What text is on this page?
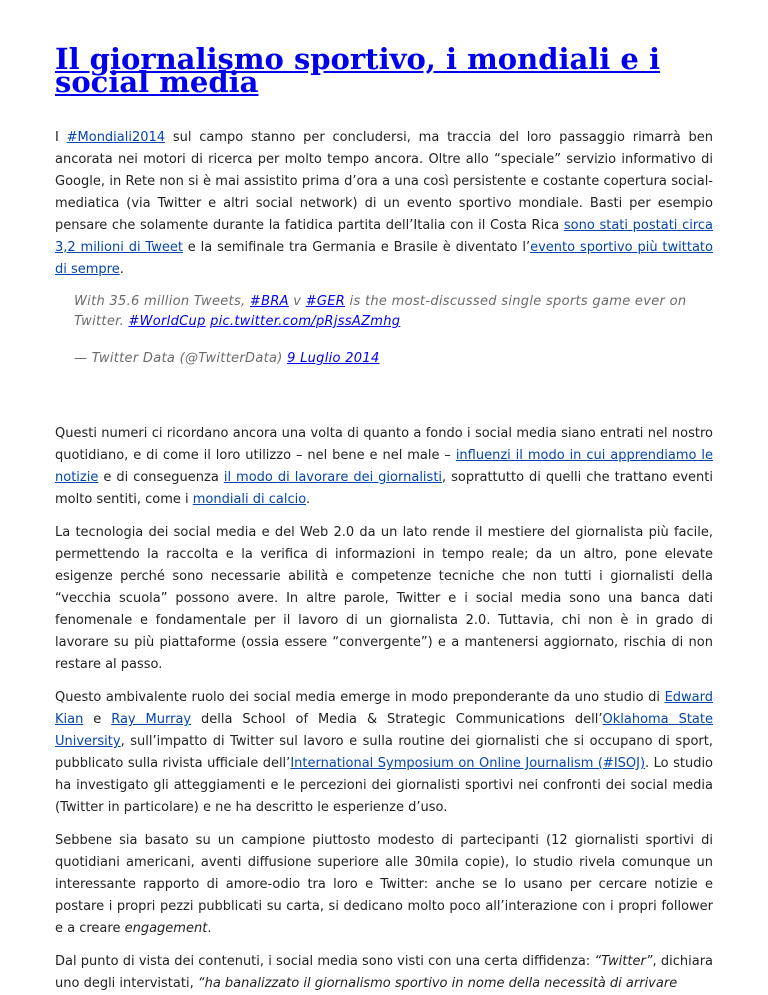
Il giornalismo sportivo, i mondiali e i social media

I #Mondiali2014 sul campo stanno per concludersi, ma traccia del loro passaggio rimarrà ben ancorata nei motori di ricerca per molto tempo ancora. Oltre allo “speciale” servizio informativo di Google, in Rete non si è mai assistito prima d’ora a una così persistente e costante copertura social-mediatica (via Twitter e altri social network) di un evento sportivo mondiale. Basti per esempio pensare che solamente durante la fatidica partita dell’Italia con il Costa Rica sono stati postati circa 3,2 milioni di Tweet e la semifinale tra Germania e Brasile è diventato l’evento sportivo più twittato di sempre.

With 35.6 million Tweets, #BRA v #GER is the most-discussed single sports game ever on Twitter. #WorldCup pic.twitter.com/pRjssAZmhg
— Twitter Data (@TwitterData) 9 Luglio 2014

Questi numeri ci ricordano ancora una volta di quanto a fondo i social media siano entrati nel nostro quotidiano, e di come il loro utilizzo – nel bene e nel male – influenzi il modo in cui apprendiamo le notizie e di conseguenza il modo di lavorare dei giornalisti, soprattutto di quelli che trattano eventi molto sentiti, come i mondiali di calcio.

La tecnologia dei social media e del Web 2.0 da un lato rende il mestiere del giornalista più facile, permettendo la raccolta e la verifica di informazioni in tempo reale; da un altro, pone elevate esigenze perché sono necessarie abilità e competenze tecniche che non tutti i giornalisti della “vecchia scuola” possono avere. In altre parole, Twitter e i social media sono una banca dati fenomenale e fondamentale per il lavoro di un giornalista 2.0. Tuttavia, chi non è in grado di lavorare su più piattaforme (ossia essere “convergente”) e a mantenersi aggiornato, rischia di non restare al passo.

Questo ambivalente ruolo dei social media emerge in modo preponderante da uno studio di Edward Kian e Ray Murray della School of Media & Strategic Communications dell’Oklahoma State University, sull’impatto di Twitter sul lavoro e sulla routine dei giornalisti che si occupano di sport, pubblicato sulla rivista ufficiale dell’International Symposium on Online Journalism (#ISOJ). Lo studio ha investigato gli atteggiamenti e le percezioni dei giornalisti sportivi nei confronti dei social media (Twitter in particolare) e ne ha descritto le esperienze d’uso.

Sebbene sia basato su un campione piuttosto modesto di partecipanti (12 giornalisti sportivi di quotidiani americani, aventi diffusione superiore alle 30mila copie), lo studio rivela comunque un interessante rapporto di amore-odio tra loro e Twitter: anche se lo usano per cercare notizie e postare i propri pezzi pubblicati su carta, si dedicano molto poco all’interazione con i propri follower e a creare engagement.

Dal punto di vista dei contenuti, i social media sono visti con una certa diffidenza: “Twitter”, dichiara uno degli intervistati, “ha banalizzato il giornalismo sportivo in nome della necessità di arrivare
